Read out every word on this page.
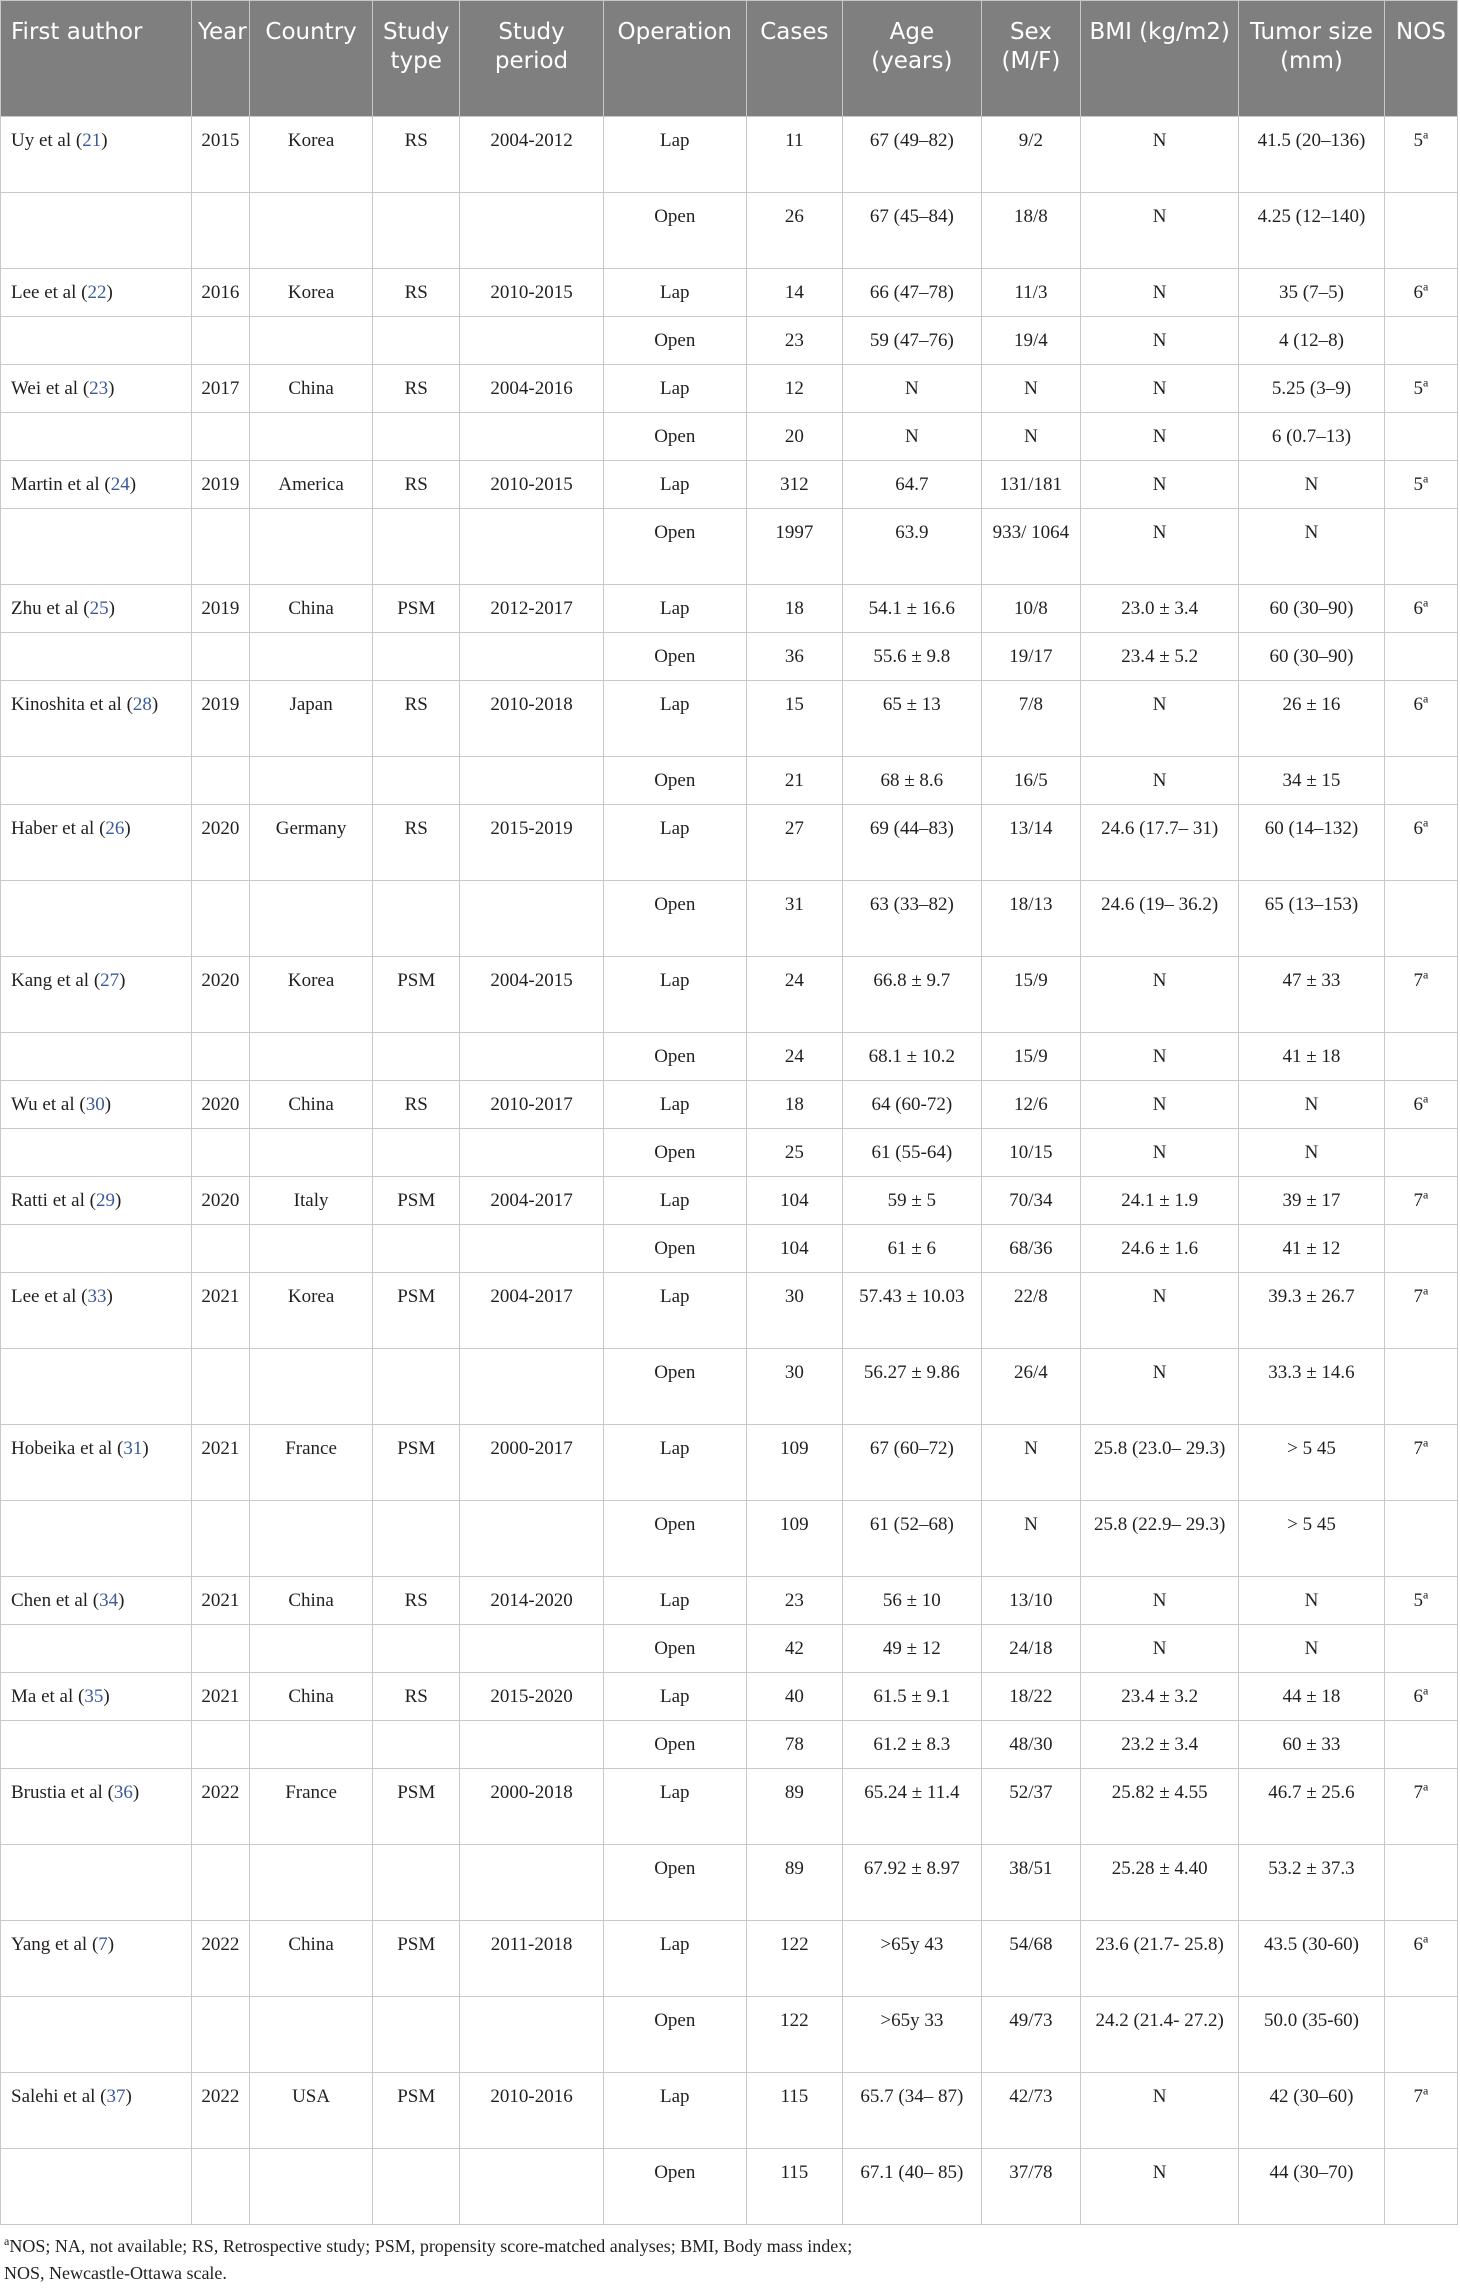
First author	Year	Country	Study type	Study period	Operation	Cases	Age (years)	Sex (M/F)	BMI (kg/m2)	Tumor size (mm)	NOS
Uy et al (21)	2015	Korea	RS	2004-2012	Lap	11	67 (49–82)	9/2	N	41.5 (20–136)	5$^a$
					Open	26	67 (45–84)	18/8	N	4.25 (12–140)	
Lee et al (22)	2016	Korea	RS	2010-2015	Lap	14	66 (47–78)	11/3	N	35 (7–5)	6$^a$
					Open	23	59 (47–76)	19/4	N	4 (12–8)	
Wei et al (23)	2017	China	RS	2004-2016	Lap	12	N	N	N	5.25 (3–9)	5$^a$
					Open	20	N	N	N	6 (0.7–13)	
Martin et al (24)	2019	America	RS	2010-2015	Lap	312	64.7	131/181	N	N	5$^a$
					Open	1997	63.9	933/ 1064	N	N	
Zhu et al (25)	2019	China	PSM	2012-2017	Lap	18	54.1 ± 16.6	10/8	23.0 ± 3.4	60 (30–90)	6$^a$
					Open	36	55.6 ± 9.8	19/17	23.4 ± 5.2	60 (30–90)	
Kinoshita et al (28)	2019	Japan	RS	2010-2018	Lap	15	65 ± 13	7/8	N	26 ± 16	6$^a$
					Open	21	68 ± 8.6	16/5	N	34 ± 15	
Haber et al (26)	2020	Germany	RS	2015-2019	Lap	27	69 (44–83)	13/14	24.6 (17.7– 31)	60 (14–132)	6$^a$
					Open	31	63 (33–82)	18/13	24.6 (19– 36.2)	65 (13–153)	
Kang et al (27)	2020	Korea	PSM	2004-2015	Lap	24	66.8 ± 9.7	15/9	N	47 ± 33	7$^a$
					Open	24	68.1 ± 10.2	15/9	N	41 ± 18	
Wu et al (30)	2020	China	RS	2010-2017	Lap	18	64 (60-72)	12/6	N	N	6$^a$
					Open	25	61 (55-64)	10/15	N	N	
Ratti et al (29)	2020	Italy	PSM	2004-2017	Lap	104	59 ± 5	70/34	24.1 ± 1.9	39 ± 17	7$^a$
					Open	104	61 ± 6	68/36	24.6 ± 1.6	41 ± 12	
Lee et al (33)	2021	Korea	PSM	2004-2017	Lap	30	57.43 ± 10.03	22/8	N	39.3 ± 26.7	7$^a$
					Open	30	56.27 ± 9.86	26/4	N	33.3 ± 14.6	
Hobeika et al (31)	2021	France	PSM	2000-2017	Lap	109	67 (60–72)	N	25.8 (23.0– 29.3)	> 5 45	7$^a$
					Open	109	61 (52–68)	N	25.8 (22.9– 29.3)	> 5 45	
Chen et al (34)	2021	China	RS	2014-2020	Lap	23	56 ± 10	13/10	N	N	5$^a$
					Open	42	49 ± 12	24/18	N	N	
Ma et al (35)	2021	China	RS	2015-2020	Lap	40	61.5 ± 9.1	18/22	23.4 ± 3.2	44 ± 18	6$^a$
					Open	78	61.2 ± 8.3	48/30	23.2 ± 3.4	60 ± 33	
Brustia et al (36)	2022	France	PSM	2000-2018	Lap	89	65.24 ± 11.4	52/37	25.82 ± 4.55	46.7 ± 25.6	7$^a$
					Open	89	67.92 ± 8.97	38/51	25.28 ± 4.40	53.2 ± 37.3	
Yang et al (7)	2022	China	PSM	2011-2018	Lap	122	>65y 43	54/68	23.6 (21.7- 25.8)	43.5 (30-60)	6$^a$
					Open	122	>65y 33	49/73	24.2 (21.4- 27.2)	50.0 (35-60)	
Salehi et al (37)	2022	USA	PSM	2010-2016	Lap	115	65.7 (34– 87)	42/73	N	42 (30–60)	7$^a$
					Open	115	67.1 (40– 85)	37/78	N	44 (30–70)	
$^a$NOS; NA, not available; RS, Retrospective study; PSM, propensity score-matched analyses; BMI, Body mass index;
NOS, Newcastle-Ottawa scale.
